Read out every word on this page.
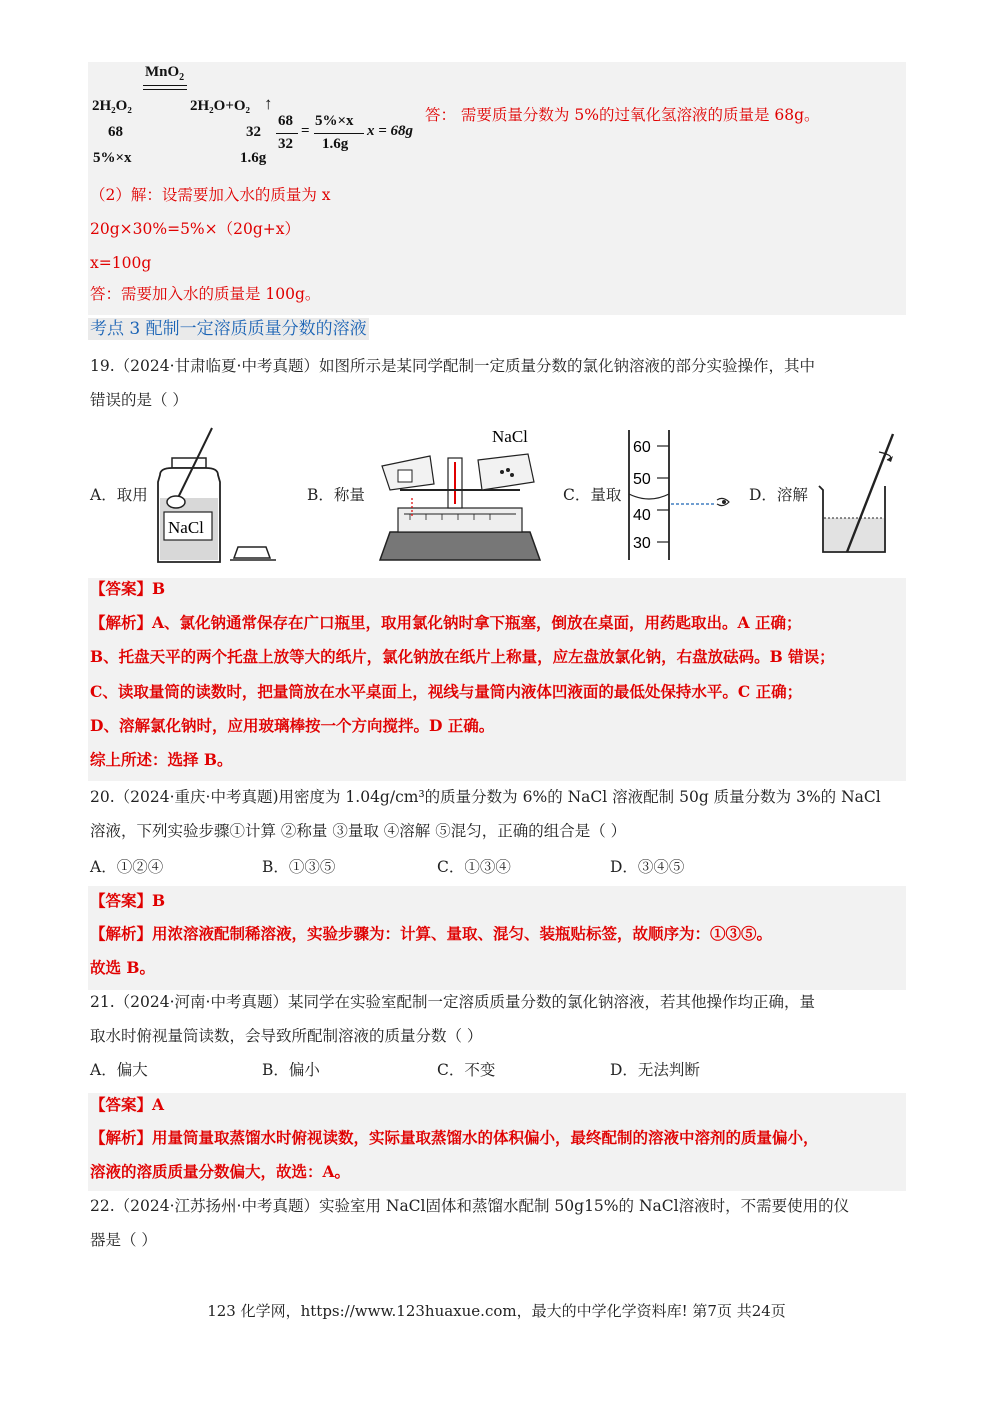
MnO$_2$
2H₂O₂	2H₂O+O₂ ↑
68	32
5%×x	1.6g
68
32
=
5%×x
1.6g
x = 68g
答： 需要质量分数为 5%的过氧化氢溶液的质量是 68g。
（2）解：设需要加入水的质量为 x
20g×30%=5%×（20g+x）
x=100g
答：需要加入水的质量是 100g。
考点 3 配制一定溶质质量分数的溶液
19.（2024·甘肃临夏·中考真题）如图所示是某同学配制一定质量分数的氯化钠溶液的部分实验操作，其中
错误的是（ ）
A．取用	B．称量	C．量取	D．溶解
NaCl
NaCl
60
50
40
30
【答案】B
【解析】A、氯化钠通常保存在广口瓶里，取用氯化钠时拿下瓶塞，倒放在桌面，用药匙取出。A 正确；
B、托盘天平的两个托盘上放等大的纸片，氯化钠放在纸片上称量，应左盘放氯化钠，右盘放砝码。B 错误；
C、读取量筒的读数时，把量筒放在水平桌面上，视线与量筒内液体凹液面的最低处保持水平。C 正确；
D、溶解氯化钠时，应用玻璃棒按一个方向搅拌。D 正确。
综上所述：选择 B。
20.（2024·重庆·中考真题)用密度为 1.04g/cm³的质量分数为 6%的 NaCl 溶液配制 50g 质量分数为 3%的 NaCl
溶液，下列实验步骤①计算 ②称量 ③量取 ④溶解 ⑤混匀，正确的组合是（ ）
A．①②④	B．①③⑤	C．①③④	D．③④⑤
【答案】B
【解析】用浓溶液配制稀溶液，实验步骤为：计算、量取、混匀、装瓶贴标签，故顺序为：①③⑤。
故选 B。
21.（2024·河南·中考真题）某同学在实验室配制一定溶质质量分数的氯化钠溶液，若其他操作均正确，量
取水时俯视量筒读数，会导致所配制溶液的质量分数（ ）
A．偏大	B．偏小	C．不变	D．无法判断
【答案】A
【解析】用量筒量取蒸馏水时俯视读数，实际量取蒸馏水的体积偏小，最终配制的溶液中溶剂的质量偏小，
溶液的溶质质量分数偏大，故选：A。
22.（2024·江苏扬州·中考真题）实验室用 NaCl固体和蒸馏水配制 50g15%的 NaCl溶液时，不需要使用的仪
器是（ ）
123 化学网，https://www.123huaxue.com，最大的中学化学资料库! 第7页 共24页
